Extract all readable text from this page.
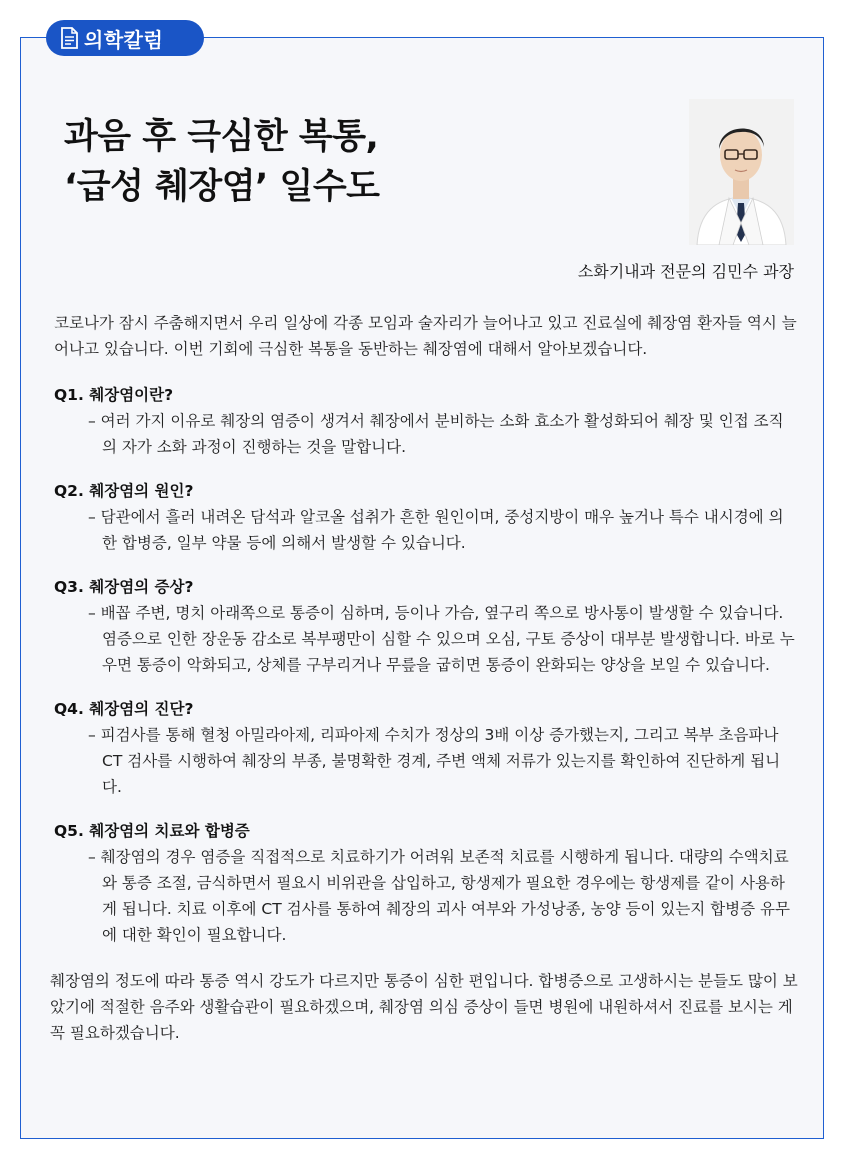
의학칼럼
과음 후 극심한 복통,
‘급성 췌장염’ 일수도
소화기내과 전문의 김민수 과장

코로나가 잠시 주춤해지면서 우리 일상에 각종 모임과 술자리가 늘어나고 있고 진료실에 췌장염 환자들 역시 늘어나고 있습니다. 이번 기회에 극심한 복통을 동반하는 췌장염에 대해서 알아보겠습니다.

Q1. 췌장염이란?

– 여러 가지 이유로 췌장의 염증이 생겨서 췌장에서 분비하는 소화 효소가 활성화되어 췌장 및 인접 조직의 자가 소화 과정이 진행하는 것을 말합니다.

Q2. 췌장염의 원인?

– 담관에서 흘러 내려온 담석과 알코올 섭취가 흔한 원인이며, 중성지방이 매우 높거나 특수 내시경에 의한 합병증, 일부 약물 등에 의해서 발생할 수 있습니다.

Q3. 췌장염의 증상?

– 배꼽 주변, 명치 아래쪽으로 통증이 심하며, 등이나 가슴, 옆구리 쪽으로 방사통이 발생할 수 있습니다. 염증으로 인한 장운동 감소로 복부팽만이 심할 수 있으며 오심, 구토 증상이 대부분 발생합니다. 바로 누우면 통증이 악화되고, 상체를 구부리거나 무릎을 굽히면 통증이 완화되는 양상을 보일 수 있습니다.

Q4. 췌장염의 진단?

– 피검사를 통해 혈청 아밀라아제, 리파아제 수치가 정상의 3배 이상 증가했는지, 그리고 복부 초음파나 CT 검사를 시행하여 췌장의 부종, 불명확한 경계, 주변 액체 저류가 있는지를 확인하여 진단하게 됩니다.

Q5. 췌장염의 치료와 합병증

– 췌장염의 경우 염증을 직접적으로 치료하기가 어려워 보존적 치료를 시행하게 됩니다. 대량의 수액치료와 통증 조절, 금식하면서 필요시 비위관을 삽입하고, 항생제가 필요한 경우에는 항생제를 같이 사용하게 됩니다. 치료 이후에 CT 검사를 통하여 췌장의 괴사 여부와 가성낭종, 농양 등이 있는지 합병증 유무에 대한 확인이 필요합니다.

췌장염의 정도에 따라 통증 역시 강도가 다르지만 통증이 심한 편입니다. 합병증으로 고생하시는 분들도 많이 보았기에 적절한 음주와 생활습관이 필요하겠으며, 췌장염 의심 증상이 들면 병원에 내원하셔서 진료를 보시는 게 꼭 필요하겠습니다.
